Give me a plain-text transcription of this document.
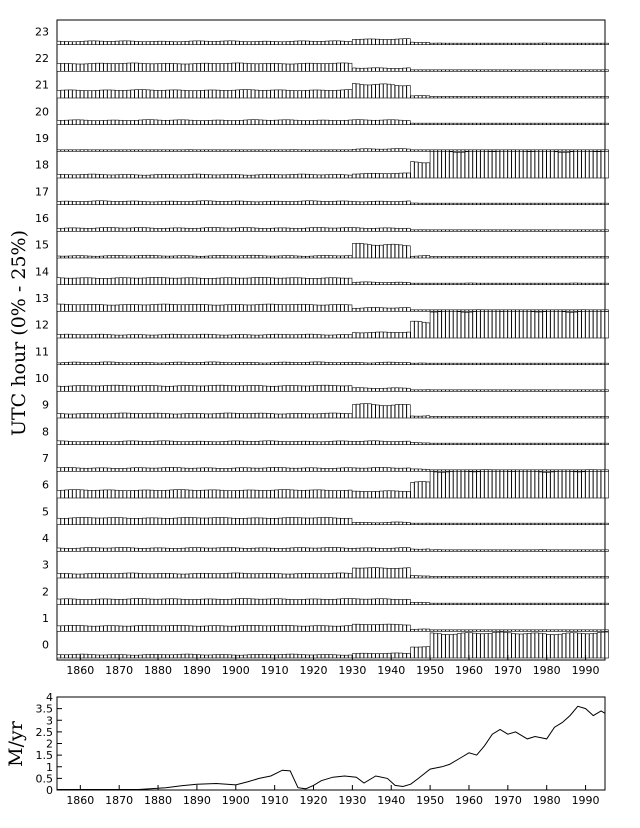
0
1
2
3
4
5
6
7
8
9
10
11
12
13
14
15
16
17
18
19
20
21
22
23
1860 1870 1880 1890 1900 1910 1920 1930 1940 1950 1960 1970 1980 1990
UTC hour (0% - 25%)
0
0.5
1
1.5
2
2.5
3
3.5
4
1860 1870 1880 1890 1900 1910 1920 1930 1940 1950 1960 1970 1980 1990
M/yr
